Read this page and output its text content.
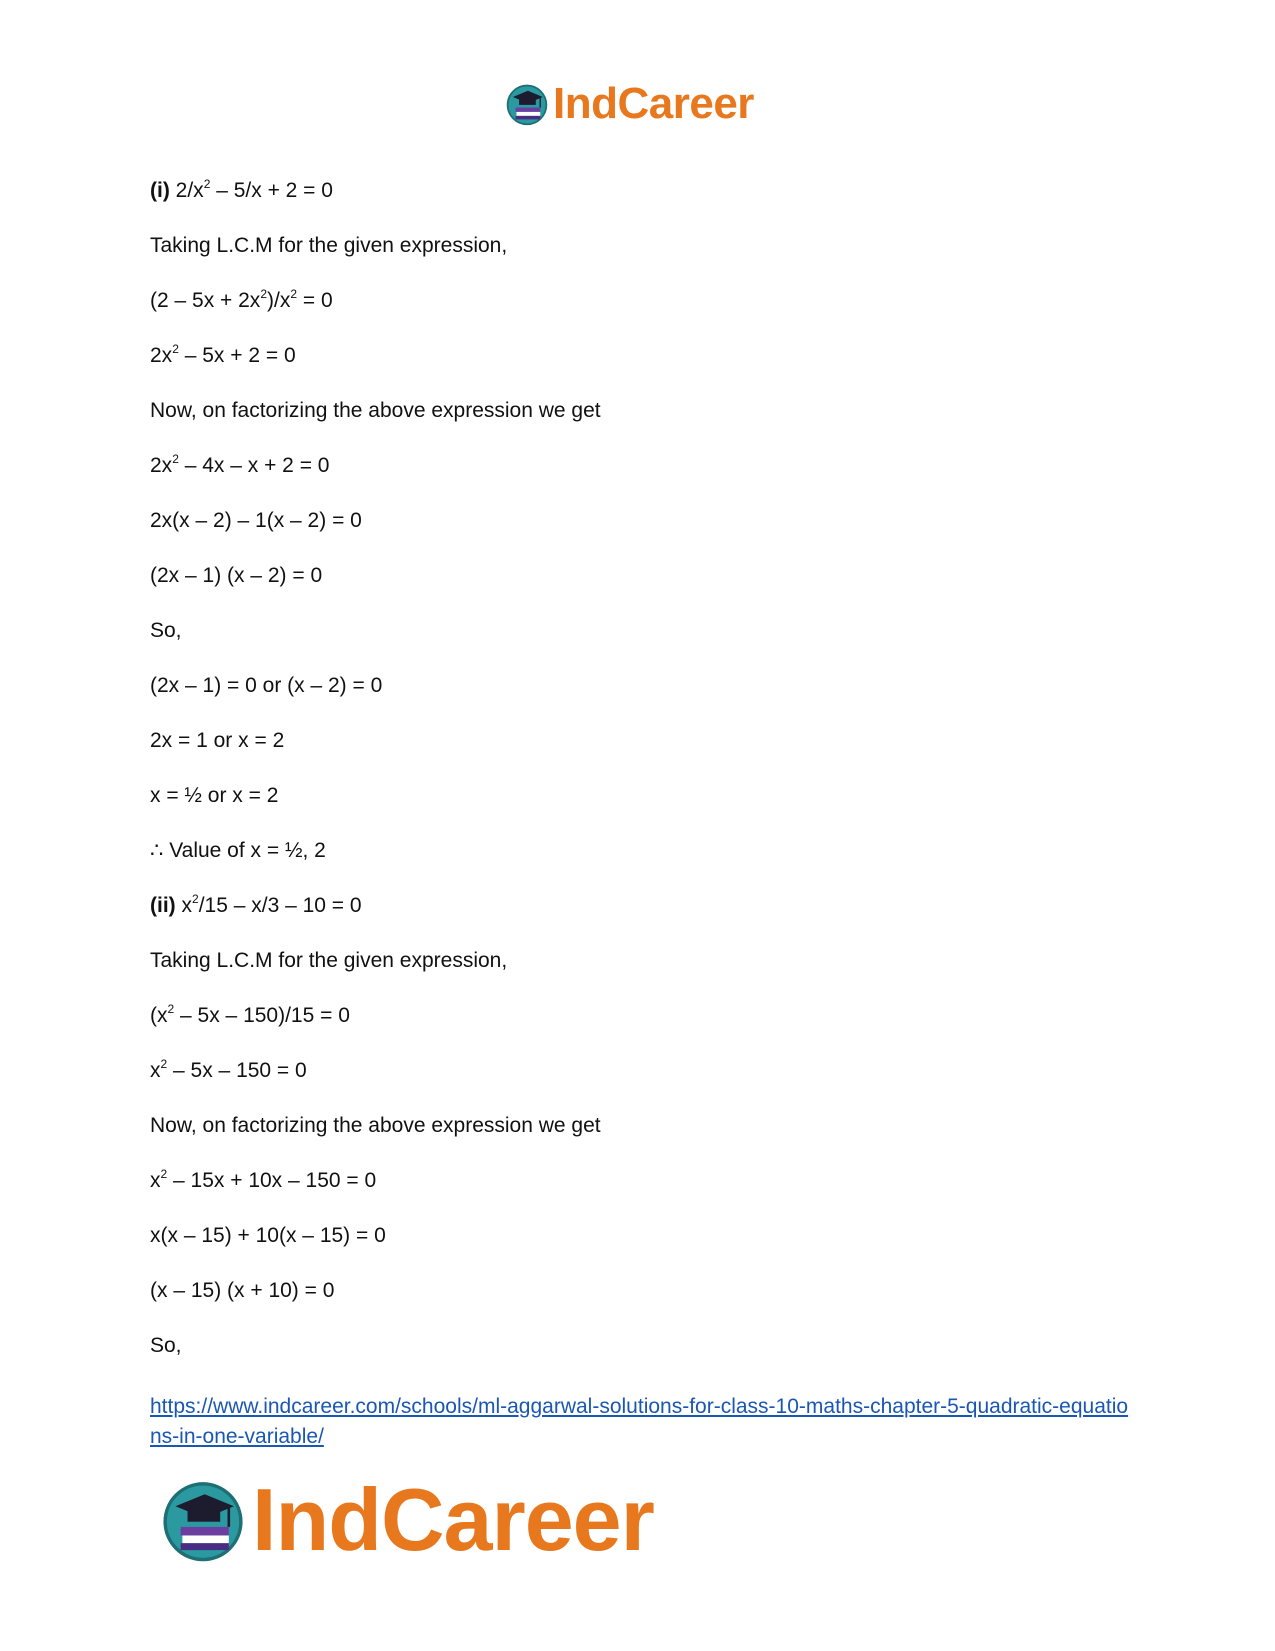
IndCareer
(i) $2/x^2 - 5/x + 2 = 0$
Taking L.C.M for the given expression,
$(2 - 5x + 2x^2)/x^2 = 0$
$2x^2 - 5x + 2 = 0$
Now, on factorizing the above expression we get
$2x^2 - 4x - x + 2 = 0$
2x(x – 2) – 1(x – 2) = 0
(2x – 1) (x – 2) = 0
So,
(2x – 1) = 0 or (x – 2) = 0
2x = 1 or x = 2
x = ½ or x = 2
∴ Value of x = ½, 2
(ii) $x^2/15 - x/3 - 10 = 0$
Taking L.C.M for the given expression,
$(x^2 - 5x - 150)/15 = 0$
$x^2 - 5x - 150 = 0$
Now, on factorizing the above expression we get
$x^2 - 15x + 10x - 150 = 0$
x(x – 15) + 10(x – 15) = 0
(x – 15) (x + 10) = 0
So,
https://www.indcareer.com/schools/ml-aggarwal-solutions-for-class-10-maths-chapter-5-quadratic-equations-in-one-variable/
IndCareer
